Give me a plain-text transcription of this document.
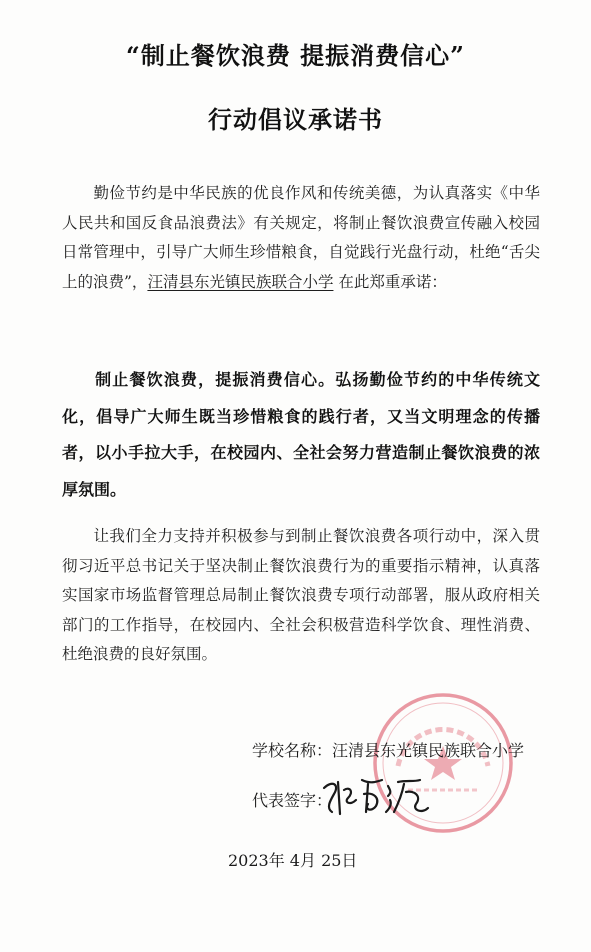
“制止餐饮浪费 提振消费信心”
行动倡议承诺书

勤俭节约是中华民族的优良作风和传统美德，为认真落实《中华人民共和国反食品浪费法》有关规定，将制止餐饮浪费宣传融入校园日常管理中，引导广大师生珍惜粮食，自觉践行光盘行动，杜绝“舌尖上的浪费”，汪清县东光镇民族联合小学 在此郑重承诺：

制止餐饮浪费，提振消费信心。弘扬勤俭节约的中华传统文化，倡导广大师生既当珍惜粮食的践行者，又当文明理念的传播者，以小手拉大手，在校园内、全社会努力营造制止餐饮浪费的浓厚氛围。

让我们全力支持并积极参与到制止餐饮浪费各项行动中，深入贯彻习近平总书记关于坚决制止餐饮浪费行为的重要指示精神，认真落实国家市场监督管理总局制止餐饮浪费专项行动部署，服从政府相关部门的工作指导，在校园内、全社会积极营造科学饮食、理性消费、杜绝浪费的良好氛围。

学校名称：汪清县东光镇民族联合小学
代表签字：
2023年 4月 25日
